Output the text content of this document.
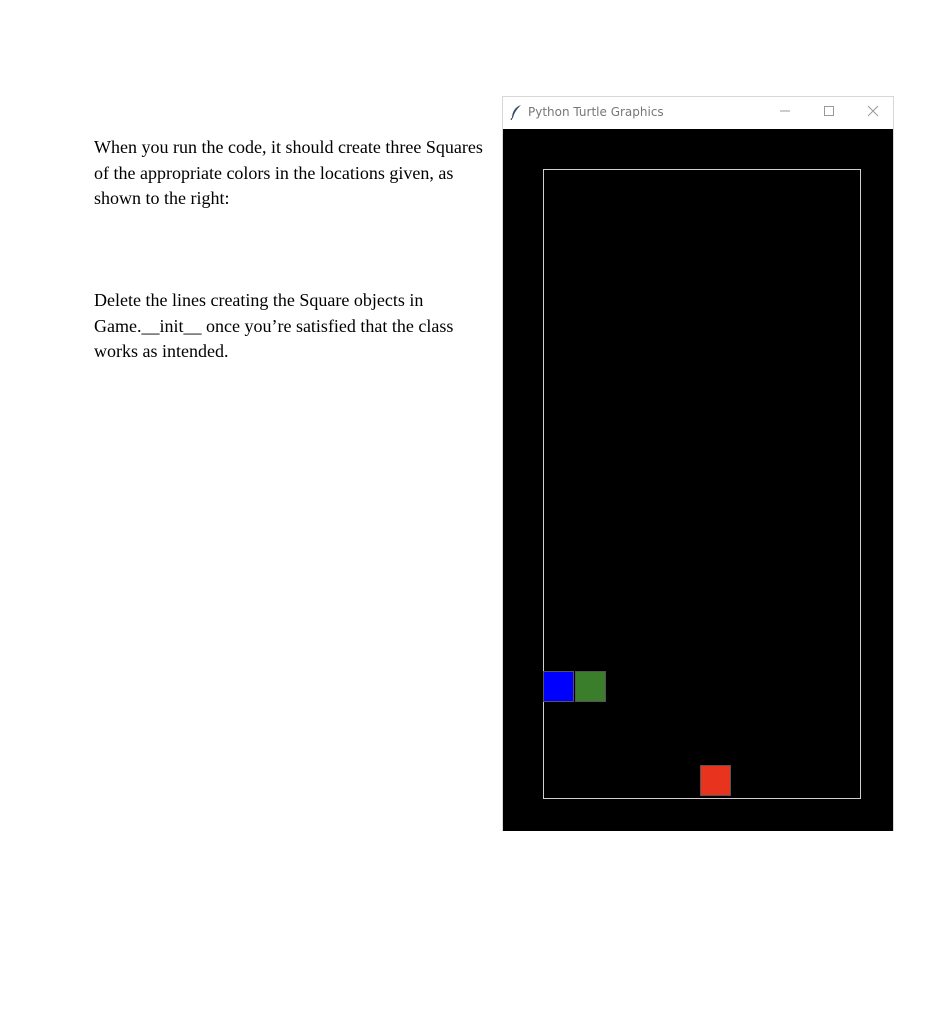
When you run the code, it should create three Squares of the appropriate colors in the locations given, as shown to the right:

Delete the lines creating the Square objects in Game.__init__ once you’re satisfied that the class works as intended.

Python Turtle Graphics
